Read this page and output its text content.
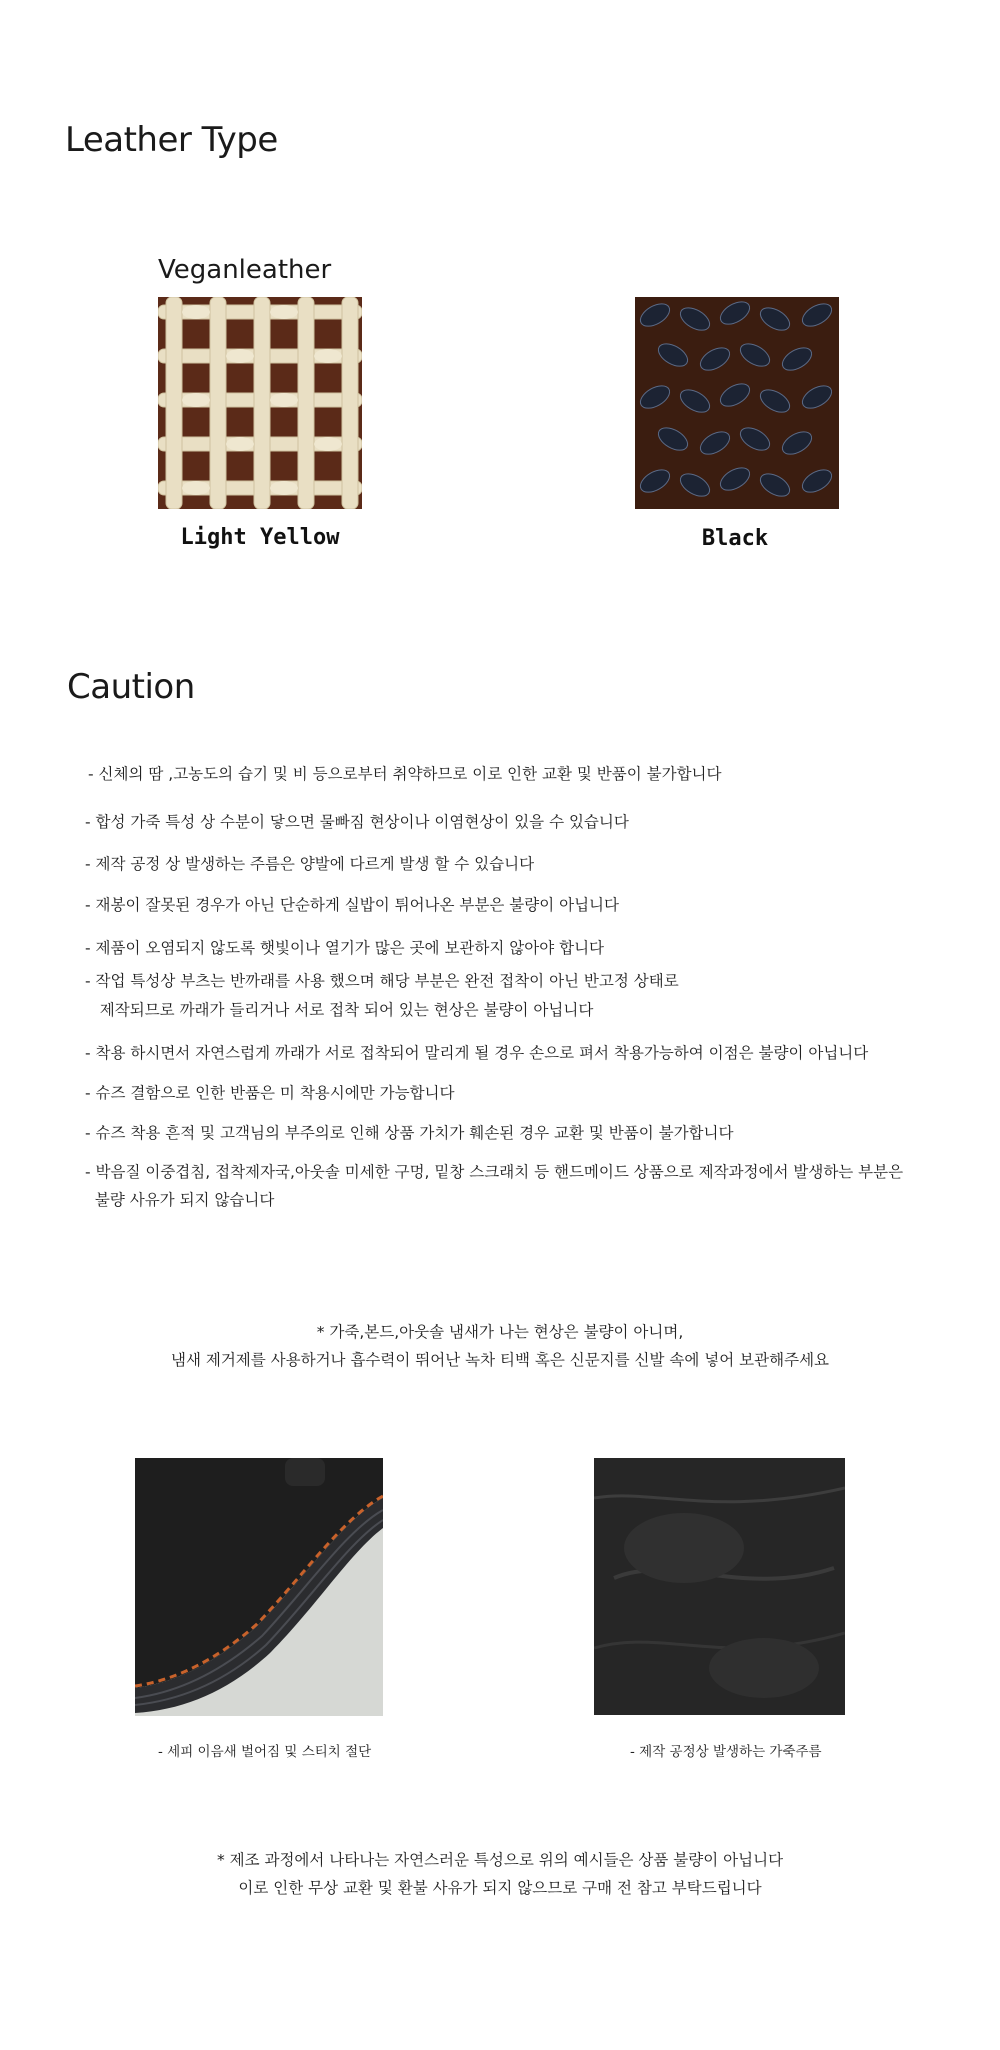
Leather Type
Veganleather
Light Yellow	Black
Caution
- 신체의 땀 ,고농도의 습기 및 비 등으로부터 취약하므로 이로 인한 교환 및 반품이 불가합니다
- 합성 가죽 특성 상 수분이 닿으면 물빠짐 현상이나 이염현상이 있을 수 있습니다
- 제작 공정 상 발생하는 주름은 양발에 다르게 발생 할 수 있습니다
- 재봉이 잘못된 경우가 아닌 단순하게 실밥이 튀어나온 부분은 불량이 아닙니다
- 제품이 오염되지 않도록 햇빛이나 열기가 많은 곳에 보관하지 않아야 합니다
- 작업 특성상 부츠는 반까래를 사용 했으며 해당 부분은 완전 접착이 아닌 반고정 상태로
제작되므로 까래가 들리거나 서로 접착 되어 있는 현상은 불량이 아닙니다
- 착용 하시면서 자연스럽게 까래가 서로 접착되어 말리게 될 경우 손으로 펴서 착용가능하여 이점은 불량이 아닙니다
- 슈즈 결함으로 인한 반품은 미 착용시에만 가능합니다
- 슈즈 착용 흔적 및 고객님의 부주의로 인해 상품 가치가 훼손된 경우 교환 및 반품이 불가합니다
- 박음질 이중겹침, 접착제자국,아웃솔 미세한 구멍, 밑창 스크래치 등 핸드메이드 상품으로 제작과정에서 발생하는 부분은
불량 사유가 되지 않습니다
* 가죽,본드,아웃솔 냄새가 나는 현상은 불량이 아니며,
냄새 제거제를 사용하거나 흡수력이 뛰어난 녹차 티백 혹은 신문지를 신발 속에 넣어 보관해주세요
- 세피 이음새 벌어짐 및 스티치 절단	- 제작 공정상 발생하는 가죽주름
* 제조 과정에서 나타나는 자연스러운 특성으로 위의 예시들은 상품 불량이 아닙니다
이로 인한 무상 교환 및 환불 사유가 되지 않으므로 구매 전 참고 부탁드립니다
